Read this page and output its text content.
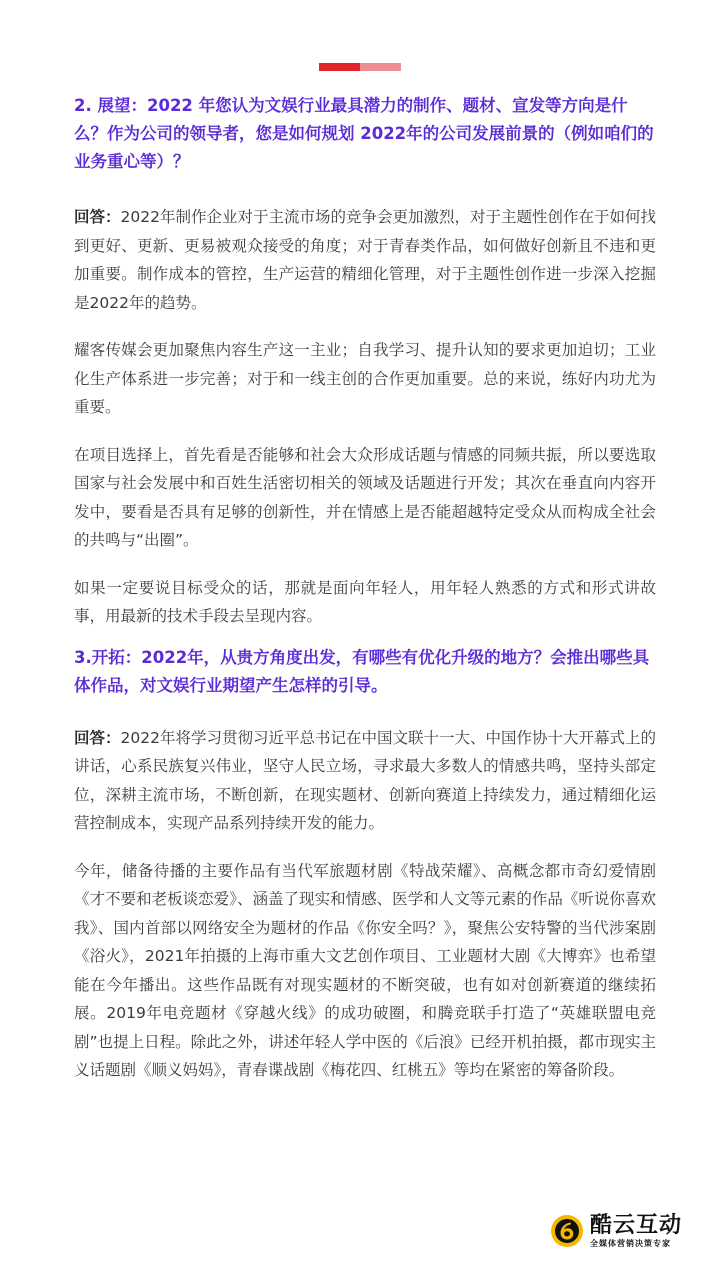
2. 展望：2022 年您认为文娱行业最具潜力的制作、题材、宣发等方向是什么？作为公司的领导者，您是如何规划 2022年的公司发展前景的（例如咱们的业务重心等）？

回答：2022年制作企业对于主流市场的竞争会更加激烈，对于主题性创作在于如何找到更好、更新、更易被观众接受的角度；对于青春类作品，如何做好创新且不违和更加重要。制作成本的管控，生产运营的精细化管理，对于主题性创作进一步深入挖掘是2022年的趋势。

耀客传媒会更加聚焦内容生产这一主业；自我学习、提升认知的要求更加迫切；工业化生产体系进一步完善；对于和一线主创的合作更加重要。总的来说，练好内功尤为重要。

在项目选择上，首先看是否能够和社会大众形成话题与情感的同频共振，所以要选取国家与社会发展中和百姓生活密切相关的领域及话题进行开发；其次在垂直向内容开发中，要看是否具有足够的创新性，并在情感上是否能超越特定受众从而构成全社会的共鸣与“出圈”。

如果一定要说目标受众的话，那就是面向年轻人，用年轻人熟悉的方式和形式讲故事，用最新的技术手段去呈现内容。

3.开拓：2022年，从贵方角度出发，有哪些有优化升级的地方？会推出哪些具体作品，对文娱行业期望产生怎样的引导。

回答：2022年将学习贯彻习近平总书记在中国文联十一大、中国作协十大开幕式上的讲话，心系民族复兴伟业，坚守人民立场，寻求最大多数人的情感共鸣，坚持头部定位，深耕主流市场，不断创新，在现实题材、创新向赛道上持续发力，通过精细化运营控制成本，实现产品系列持续开发的能力。

今年，储备待播的主要作品有当代军旅题材剧《特战荣耀》、高概念都市奇幻爱情剧《才不要和老板谈恋爱》、涵盖了现实和情感、医学和人文等元素的作品《听说你喜欢我》、国内首部以网络安全为题材的作品《你安全吗？》，聚焦公安特警的当代涉案剧《浴火》，2021年拍摄的上海市重大文艺创作项目、工业题材大剧《大博弈》也希望能在今年播出。这些作品既有对现实题材的不断突破，也有如对创新赛道的继续拓展。2019年电竞题材《穿越火线》的成功破圈，和腾竞联手打造了“英雄联盟电竞剧”也提上日程。除此之外，讲述年轻人学中医的《后浪》已经开机拍摄，都市现实主义话题剧《顺义妈妈》，青春谍战剧《梅花四、红桃五》等均在紧密的筹备阶段。

酷云互动
全媒体营销决策专家
